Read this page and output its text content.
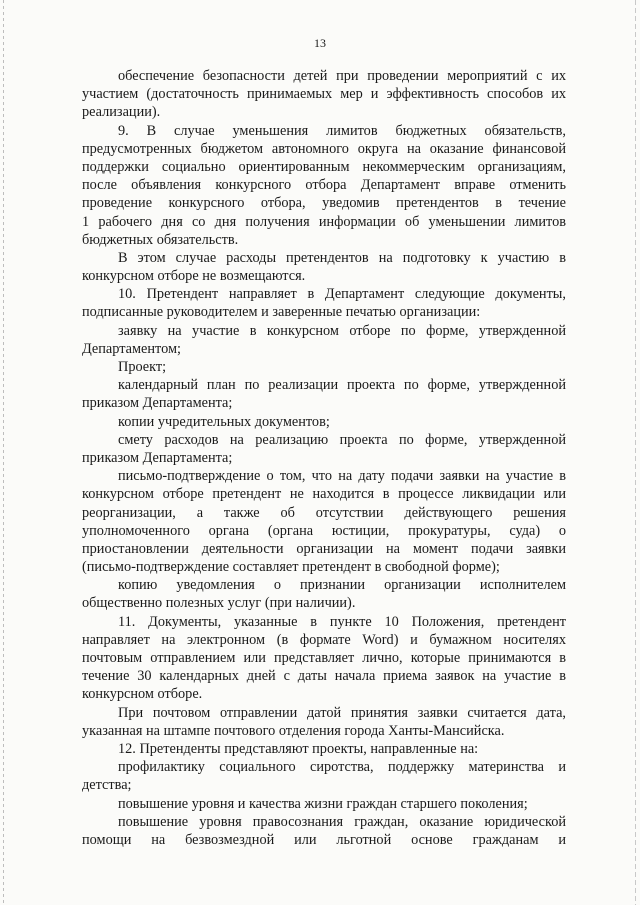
13
обеспечение безопасности детей при проведении мероприятий с их
участием (достаточность принимаемых мер и эффективность способов их
реализации).
9. В случае уменьшения лимитов бюджетных обязательств,
предусмотренных бюджетом автономного округа на оказание финансовой
поддержки социально ориентированным некоммерческим организациям,
после объявления конкурсного отбора Департамент вправе отменить
проведение конкурсного отбора, уведомив претендентов в течение
1 рабочего дня со дня получения информации об уменьшении лимитов
бюджетных обязательств.
В этом случае расходы претендентов на подготовку к участию в
конкурсном отборе не возмещаются.
10. Претендент направляет в Департамент следующие документы,
подписанные руководителем и заверенные печатью организации:
заявку на участие в конкурсном отборе по форме, утвержденной
Департаментом;
Проект;
календарный план по реализации проекта по форме, утвержденной
приказом Департамента;
копии учредительных документов;
смету расходов на реализацию проекта по форме, утвержденной
приказом Департамента;
письмо-подтверждение о том, что на дату подачи заявки на участие в
конкурсном отборе претендент не находится в процессе ликвидации или
реорганизации, а также об отсутствии действующего решения
уполномоченного органа (органа юстиции, прокуратуры, суда) о
приостановлении деятельности организации на момент подачи заявки
(письмо-подтверждение составляет претендент в свободной форме);
копию уведомления о признании организации исполнителем
общественно полезных услуг (при наличии).
11. Документы, указанные в пункте 10 Положения, претендент
направляет на электронном (в формате Word) и бумажном носителях
почтовым отправлением или представляет лично, которые принимаются в
течение 30 календарных дней с даты начала приема заявок на участие в
конкурсном отборе.
При почтовом отправлении датой принятия заявки считается дата,
указанная на штампе почтового отделения города Ханты-Мансийска.
12. Претенденты представляют проекты, направленные на:
профилактику социального сиротства, поддержку материнства и
детства;
повышение уровня и качества жизни граждан старшего поколения;
повышение уровня правосознания граждан, оказание юридической
помощи на безвозмездной или льготной основе гражданам и
